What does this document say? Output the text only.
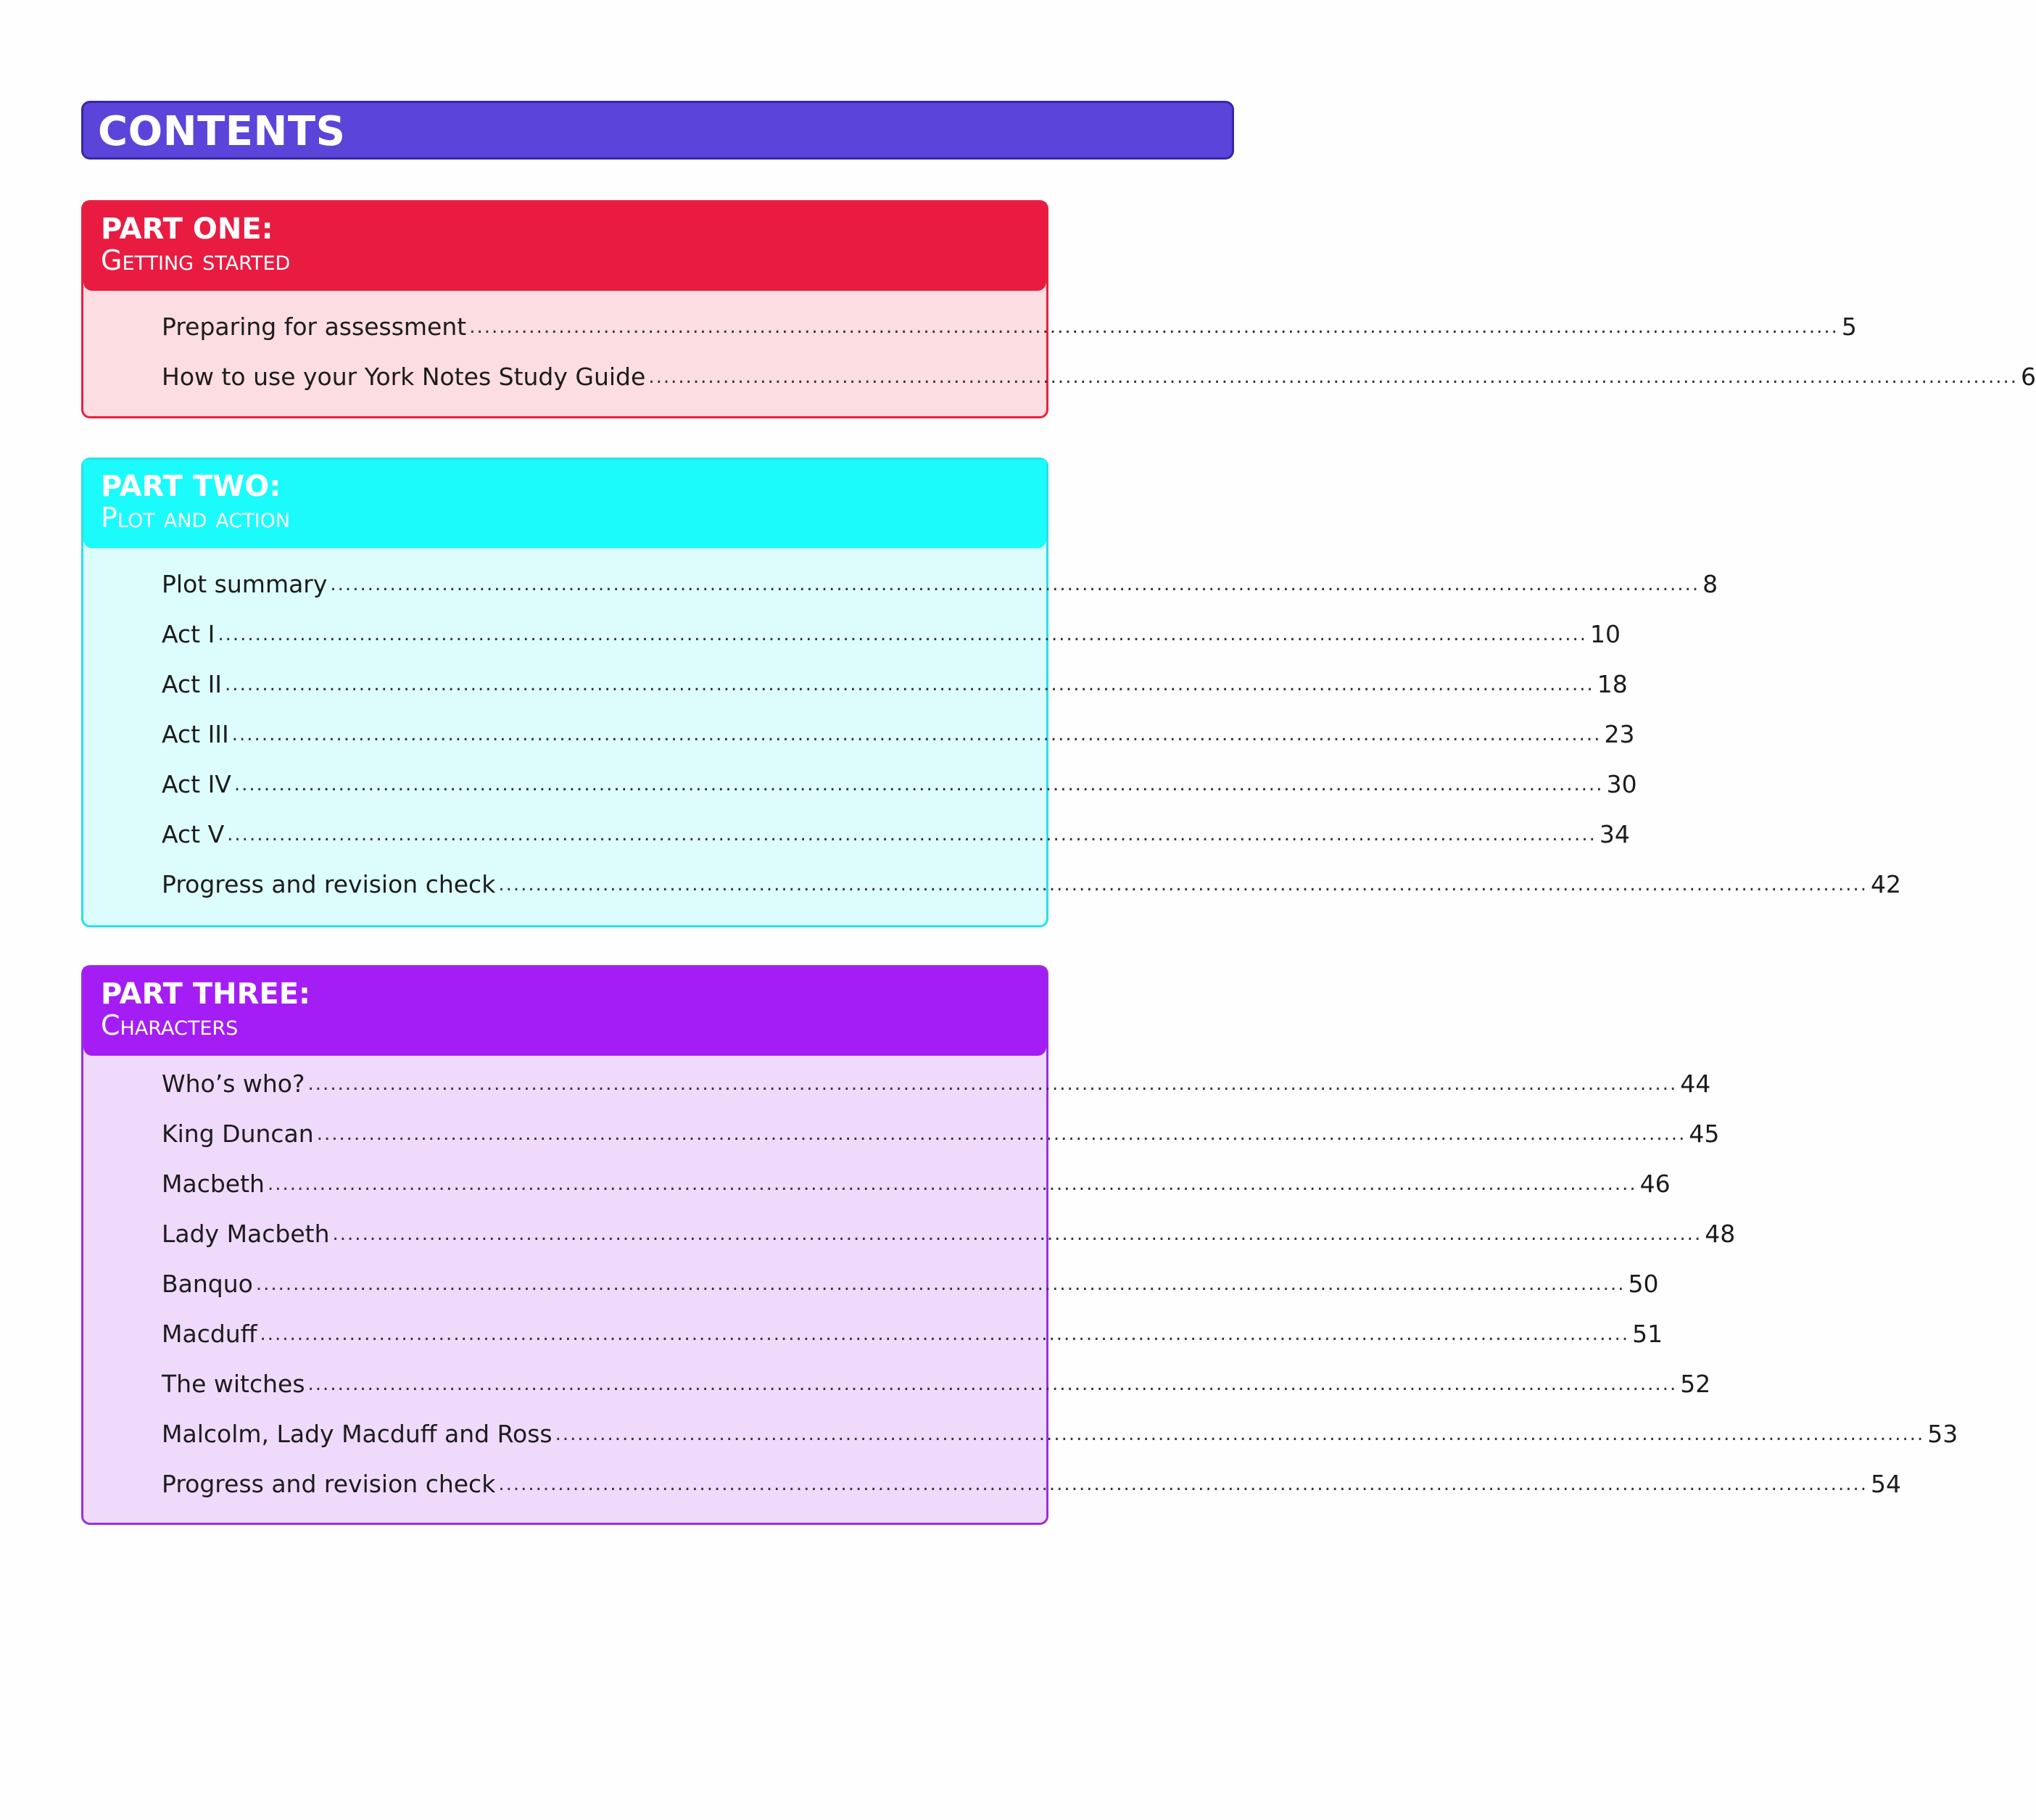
CONTENTS
PART ONE:
Getting started
Preparing for assessment ........................................................................................................................................................................................ 5
How to use your York Notes Study Guide ........................................................................................................................................................................................ 6
PART TWO:
Plot and action
Plot summary ........................................................................................................................................................................................ 8
Act I ........................................................................................................................................................................................ 10
Act II ........................................................................................................................................................................................ 18
Act III ........................................................................................................................................................................................ 23
Act IV ........................................................................................................................................................................................ 30
Act V ........................................................................................................................................................................................ 34
Progress and revision check ........................................................................................................................................................................................ 42
PART THREE:
Characters
Who’s who? ........................................................................................................................................................................................ 44
King Duncan ........................................................................................................................................................................................ 45
Macbeth ........................................................................................................................................................................................ 46
Lady Macbeth ........................................................................................................................................................................................ 48
Banquo ........................................................................................................................................................................................ 50
Macduff ........................................................................................................................................................................................ 51
The witches ........................................................................................................................................................................................ 52
Malcolm, Lady Macduff and Ross ........................................................................................................................................................................................ 53
Progress and revision check ........................................................................................................................................................................................ 54
